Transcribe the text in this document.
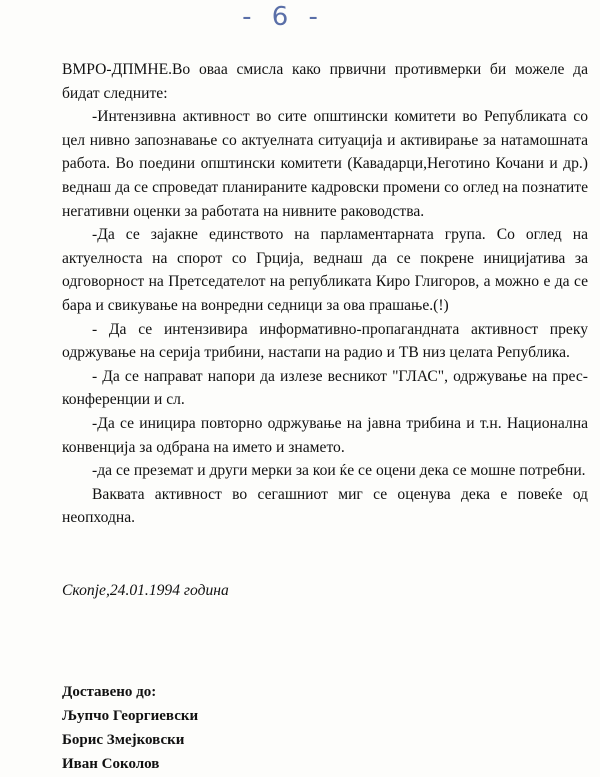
- 6 -

ВМРО-ДПМНЕ.Во оваа смисла како првични противмерки би можеле да бидат следните:

-Интензивна активност во сите општински комитети во Републиката со цел нивно запознавање со актуелната ситуација и активирање за натамошната работа. Во поедини општински комитети (Кавадарци,Неготино Кочани и др.) веднаш да се спроведат планираните кадровски промени со оглед на познатите негативни оценки за работата на нивните раководства.

-Да се зајакне единството на парламентарната група. Со оглед на актуелноста на спорот со Грција, веднаш да се покрене иницијатива за одговорност на Претседателот на републиката Киро Глигоров, а можно е да се бара и свикување на вонредни седници за ова прашање.(!)

- Да се интензивира информативно-пропагандната активност преку одржување на серија трибини, настапи на радио и ТВ низ целата Република.

- Да се направат напори да излезе весникот "ГЛАС", одржување на прес-конференции и сл.

-Да се иницира повторно одржување на јавна трибина и т.н. Национална конвенција за одбрана на името и знамето.

-да се преземат и други мерки за кои ќе се оцени дека се мошне потребни.

Ваквата активност во сегашниот миг се оценува дека е повеќе од неопходна.

Скопје,24.01.1994 година
Доставено до:
Љупчо Георгиевски
Борис Змејковски
Иван Соколов
